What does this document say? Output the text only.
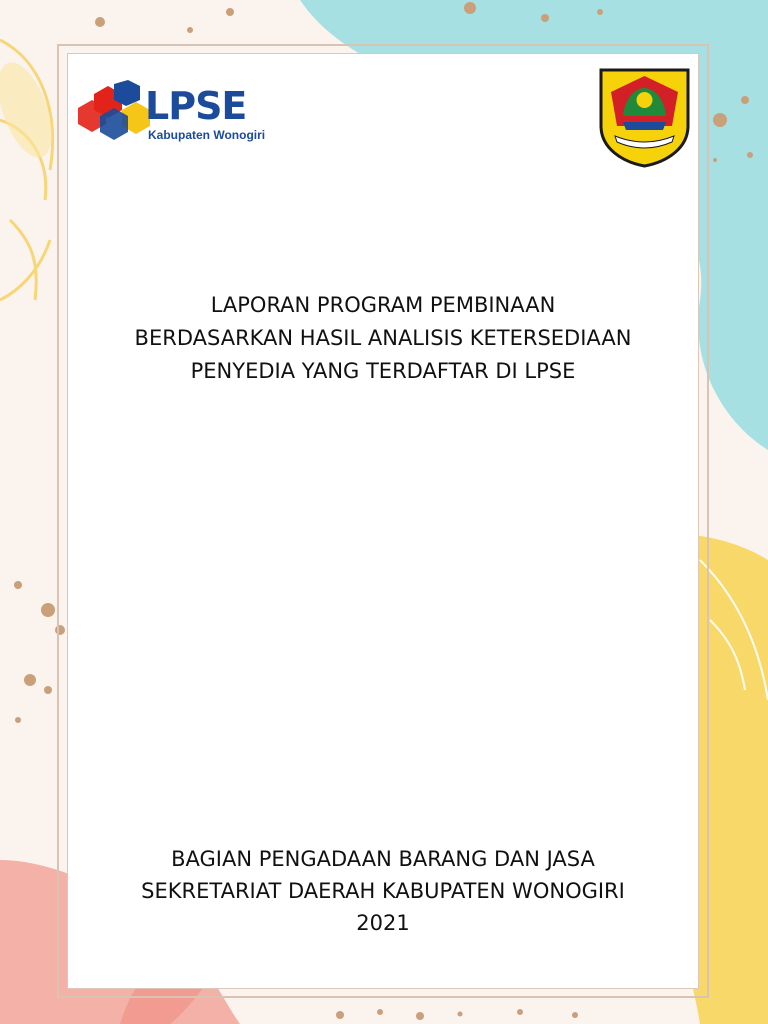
LPSE
Kabupaten Wonogiri
LAPORAN PROGRAM PEMBINAAN
BERDASARKAN HASIL ANALISIS KETERSEDIAAN
PENYEDIA YANG TERDAFTAR DI LPSE
BAGIAN PENGADAAN BARANG DAN JASA
SEKRETARIAT DAERAH KABUPATEN WONOGIRI
2021
